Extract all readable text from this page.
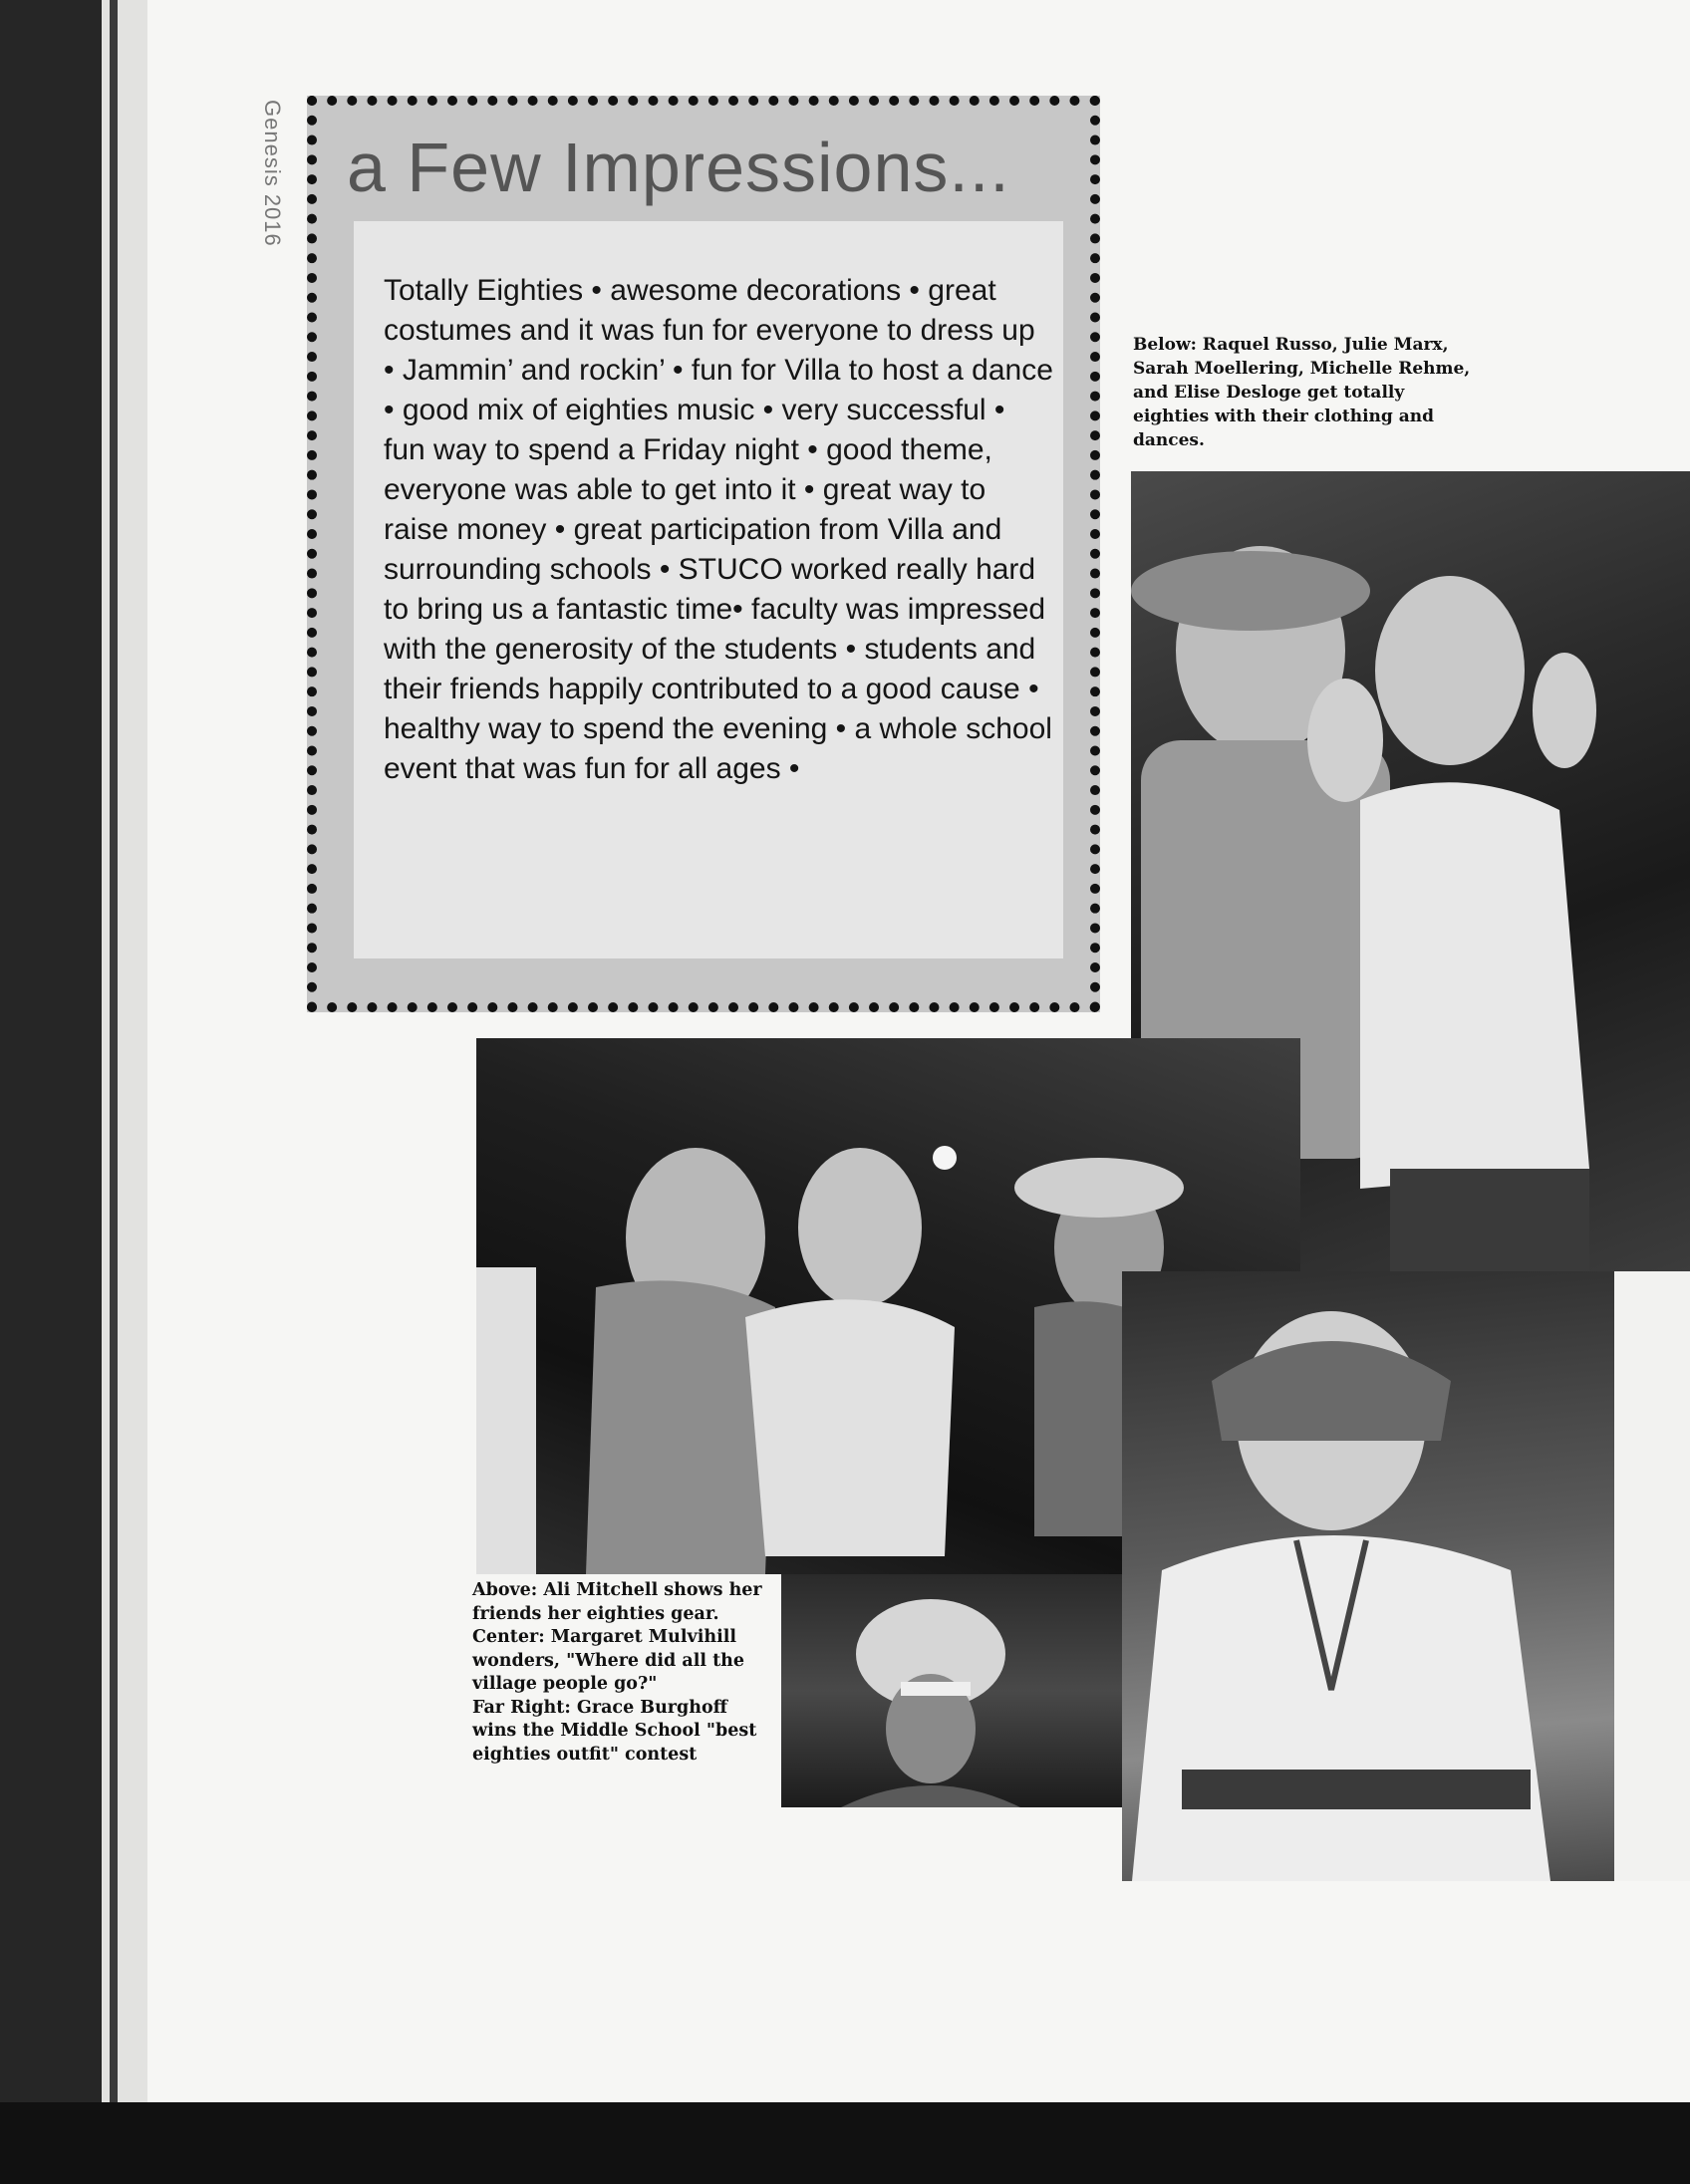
Genesis 2016 a Few Impressions...
Totally Eighties • awesome decorations • great costumes and it was fun for everyone to dress up • Jammin’ and rockin’ • fun for Villa to host a dance • good mix of eighties music • very successful • fun way to spend a Friday night • good theme, everyone was able to get into it • great way to raise money • great participation from Villa and surrounding schools • STUCO worked really hard to bring us a fantastic time• faculty was impressed with the generosity of the students • students and their friends happily contributed to a good cause • healthy way to spend the evening • a whole school event that was fun for all ages •
Below: Raquel Russo, Julie Marx, Sarah Moellering, Michelle Rehme, and Elise Desloge get totally eighties with their clothing and dances.
Above: Ali Mitchell shows her friends her eighties gear.
Center: Margaret Mulvihill wonders, "Where did all the village people go?"
Far Right: Grace Burghoff wins the Middle School "best eighties outfit" contest
